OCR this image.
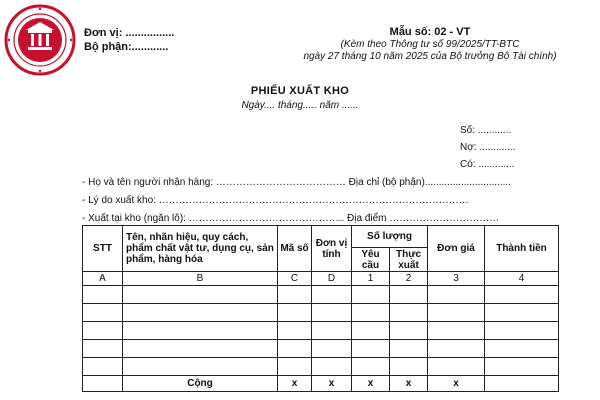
Đơn vị: ................
Bộ phận:............
Mẫu số: 02 - VT
(Kèm theo Thông tư số 99/2025/TT-BTC
ngày 27 tháng 10 năm 2025 của Bộ trưởng Bộ Tài chính)
PHIẾU XUẤT KHO
Ngày.... tháng..... năm ......
Số: ............
Nợ: .............
Có: .............
- Họ và tên người nhận hàng: ………………………………… Địa chỉ (bộ phận)...............................
- Lý do xuất kho: …………………………………………………………………………………
- Xuất tại kho (ngăn lô): ……………………………………….. Địa điểm ……………………………
STT	Tên, nhãn hiệu, quy cách, phẩm chất vật tư, dụng cụ, sản phẩm, hàng hóa	Mã số	Đơn vị tính	Số lượng		Đơn giá	Thành tiền
				Yêu cầu	Thực xuất		
A	B	C	D	1	2	3	4

	Cộng	x	x	x	x	x	
